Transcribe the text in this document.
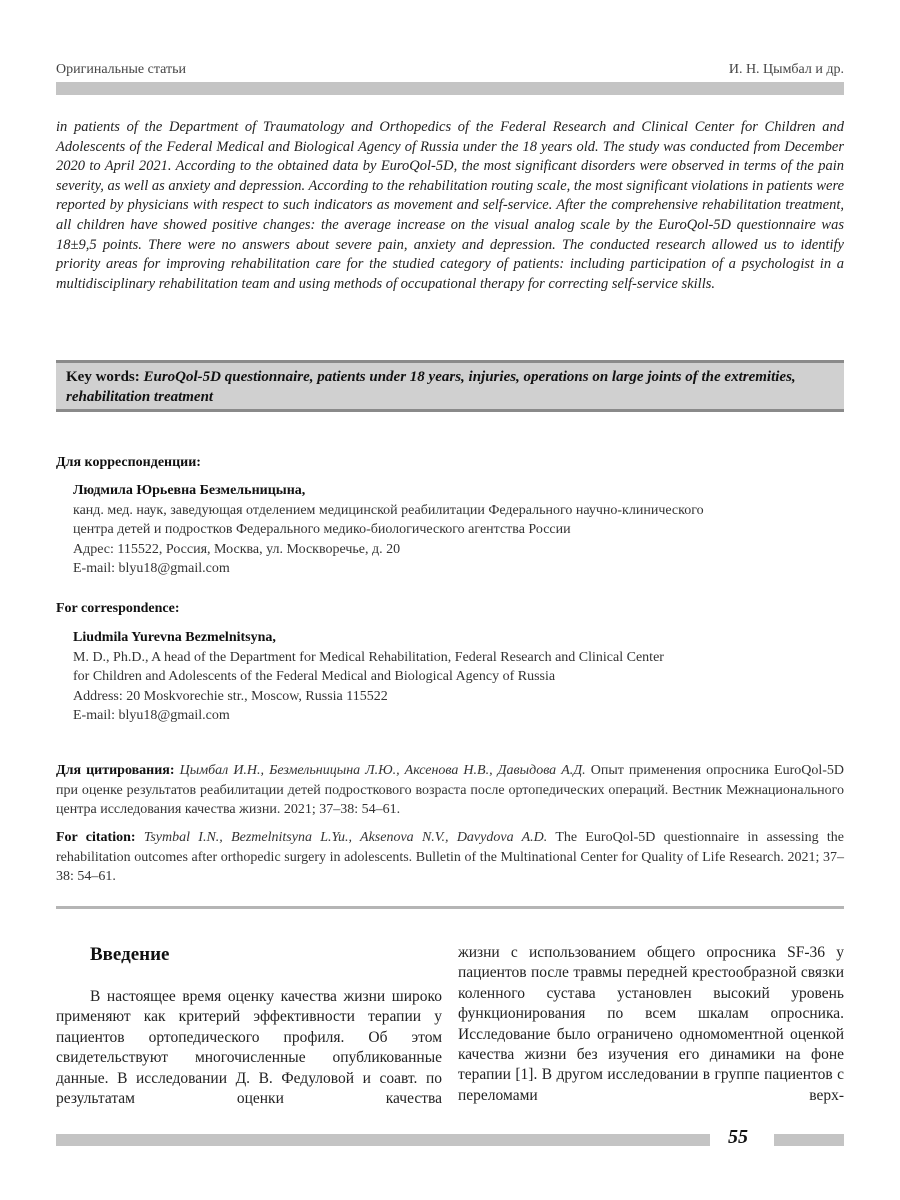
Оригинальные статьи	И. Н. Цымбал и др.

in patients of the Department of Traumatology and Orthopedics of the Federal Research and Clinical Center for Children and Adolescents of the Federal Medical and Biological Agency of Russia under the 18 years old. The study was conducted from December 2020 to April 2021. According to the obtained data by EuroQol-5D, the most significant disorders were observed in terms of the pain severity, as well as anxiety and depression. According to the rehabilitation routing scale, the most significant violations in patients were reported by physicians with respect to such indicators as movement and self-service. After the comprehensive rehabilitation treatment, all children have showed positive changes: the average increase on the visual analog scale by the EuroQol-5D questionnaire was 18±9,5 points. There were no answers about severe pain, anxiety and depression. The conducted research allowed us to identify priority areas for improving rehabilitation care for the studied category of patients: including participation of a psychologist in a multidisciplinary rehabilitation team and using methods of occupational therapy for correcting self-service skills.

Key words: EuroQol-5D questionnaire, patients under 18 years, injuries, operations on large joints of the extremities, rehabilitation treatment
Для корреспонденции:
Людмила Юрьевна Безмельницына,
канд. мед. наук, заведующая отделением медицинской реабилитации Федерального научно-клинического
центра детей и подростков Федерального медико-биологического агентства России
Адрес: 115522, Россия, Москва, ул. Москворечье, д. 20
E-mail: blyu18@gmail.com
For correspondence:
Liudmila Yurevna Bezmelnitsyna,
M. D., Ph.D., A head of the Department for Medical Rehabilitation, Federal Research and Clinical Center
for Children and Adolescents of the Federal Medical and Biological Agency of Russia
Address: 20 Moskvorechie str., Moscow, Russia 115522
E-mail: blyu18@gmail.com

Для цитирования: Цымбал И.Н., Безмельницына Л.Ю., Аксенова Н.В., Давыдова А.Д. Опыт применения опросника EuroQol-5D при оценке результатов реабилитации детей подросткового возраста после ортопедических операций. Вестник Межнационального центра исследования качества жизни. 2021; 37–38: 54–61.

For citation: Tsymbal I.N., Bezmelnitsyna L.Yu., Aksenova N.V., Davydova A.D. The EuroQol-5D questionnaire in assessing the rehabilitation outcomes after orthopedic surgery in adolescents. Bulletin of the Multinational Center for Quality of Life Research. 2021; 37–38: 54–61.

Введение

В настоящее время оценку качества жизни широко применяют как критерий эффективности терапии у пациентов ортопедического профиля. Об этом свидетельствуют многочисленные опубликованные данные. В исследовании Д. В. Федуловой и соавт. по результатам оценки качества

жизни с использованием общего опросника SF-36 у пациентов после травмы передней крестообразной связки коленного сустава установлен высокий уровень функционирования по всем шкалам опросника. Исследование было ограничено одномоментной оценкой качества жизни без изучения его динамики на фоне терапии [1]. В другом исследовании в группе пациентов с переломами верх-

55
